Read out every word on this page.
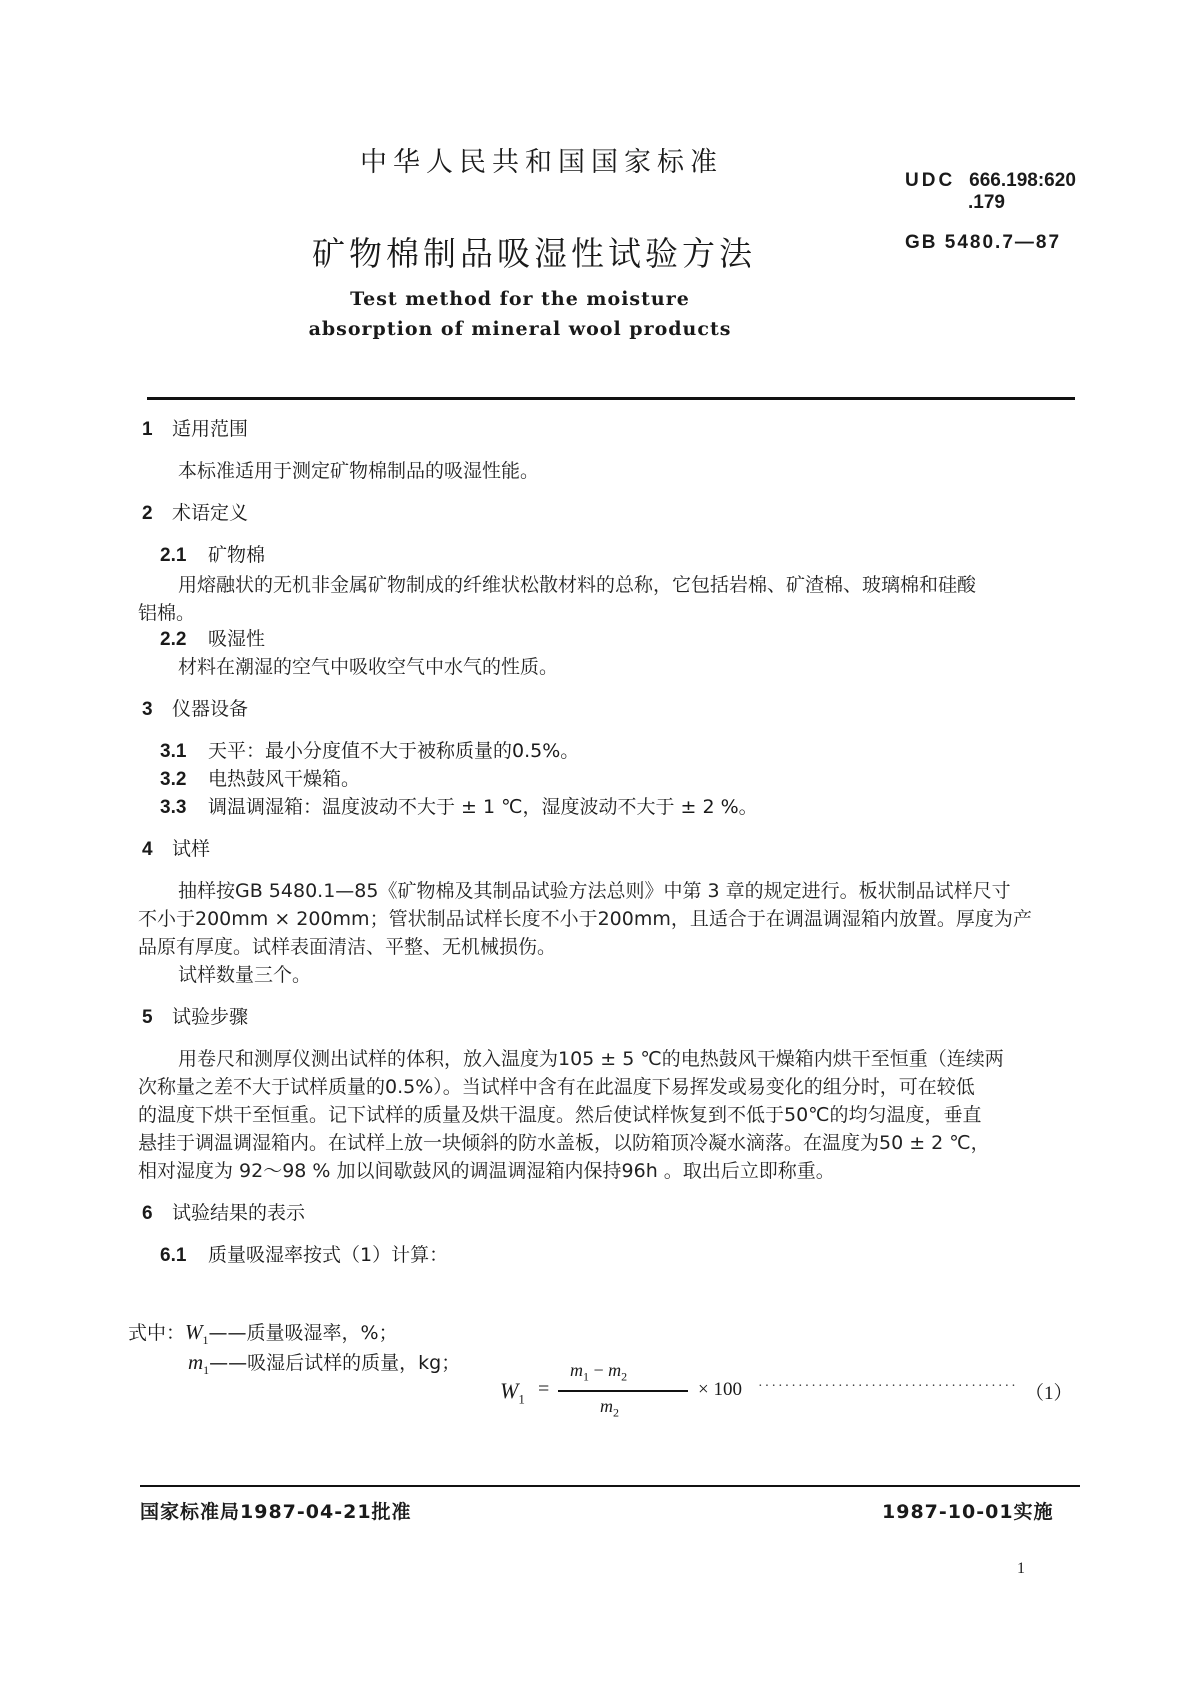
中华人民共和国国家标准
UDC 666.198:620
.179
矿物棉制品吸湿性试验方法	GB 5480.7—87
Test method for the moisture
absorption of mineral wool products
1 适用范围
本标准适用于测定矿物棉制品的吸湿性能。
2 术语定义
2.1 矿物棉
用熔融状的无机非金属矿物制成的纤维状松散材料的总称，它包括岩棉、矿渣棉、玻璃棉和硅酸
铝棉。
2.2 吸湿性
材料在潮湿的空气中吸收空气中水气的性质。
3 仪器设备
3.1 天平：最小分度值不大于被称质量的0.5%。
3.2 电热鼓风干燥箱。
3.3 调温调湿箱：温度波动不大于 ± 1 ℃，湿度波动不大于 ± 2 %。
4 试样
抽样按GB 5480.1—85《矿物棉及其制品试验方法总则》中第 3 章的规定进行。板状制品试样尺寸
不小于200mm × 200mm；管状制品试样长度不小于200mm，且适合于在调温调湿箱内放置。厚度为产
品原有厚度。试样表面清洁、平整、无机械损伤。
试样数量三个。
5 试验步骤
用卷尺和测厚仪测出试样的体积，放入温度为105 ± 5 ℃的电热鼓风干燥箱内烘干至恒重（连续两
次称量之差不大于试样质量的0.5%）。当试样中含有在此温度下易挥发或易变化的组分时，可在较低
的温度下烘干至恒重。记下试样的质量及烘干温度。然后使试样恢复到不低于50℃的均匀温度，垂直
悬挂于调温调湿箱内。在试样上放一块倾斜的防水盖板，以防箱顶冷凝水滴落。在温度为50 ± 2 ℃，
相对湿度为 92～98 % 加以间歇鼓风的调温调湿箱内保持96h 。取出后立即称重。
6 试验结果的表示
6.1 质量吸湿率按式（1）计算：
$W_1$ =
$m_1 - m_2$
$m_2$
× 100 ······································· （1）
式中：$W_1——$质量吸湿率，%；
$m_1——$吸湿后试样的质量，kg；
国家标准局1987-04-21批准	1987-10-01实施
1
